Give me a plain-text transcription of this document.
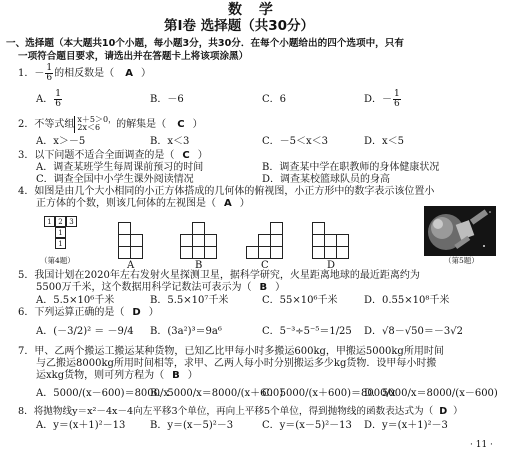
数 学
第Ⅰ卷 选择题（共30分）
一、选择题（本大题共10个小题，每小题3分，共30分．在每个小题给出的四个选项中，只有
一项符合题目要求，请选出并在答题卡上将该项涂黑）
1．－ $\frac{1}{6}$ 的相反数是（ A ）
A． $\frac{1}{6}$	B．－6	C．6	D．－ $\frac{1}{6}$
2．不等式组 x＋5＞0，
2x＜6	的解集是（ C ）
A．x＞－5	B．x＜3	C．－5＜x＜3	D．x＜5
3．以下问题不适合全面调查的是（ C ）
A．调查某班学生每周课前预习的时间	B．调查某中学在职教师的身体健康状况
C．调查全国中小学生课外阅读情况	D．调查某校篮球队员的身高
4．如图是由几个大小相同的小正方体搭成的几何体的俯视图，小正方形中的数字表示该位置小
正方体的个数，则该几何体的左视图是（ A ）
1 2 3
1
1
（第4题）	A	B	C	D	（第5题）
5．我国计划在2020年左右发射火星探测卫星，据科学研究，火星距离地球的最近距离约为
5500万千米，这个数据用科学记数法可表示为（ B ）
A．5.5×10⁶千米	B．5.5×10⁷千米	C．55×10⁶千米	D．0.55×10⁸千米
6．下列运算正确的是（ D ）
A．(－3/2)² ＝ －9/4 B．(3a²)³＝9a⁶	C．5⁻³÷5⁻⁵＝1/25 D．√8－√50＝－3√2
7．甲、乙两个搬运工搬运某种货物，已知乙比甲每小时多搬运600kg，甲搬运5000kg所用时间
与乙搬运8000kg所用时间相等，求甲、乙两人每小时分别搬运多少kg货物．设甲每小时搬
运xkg货物，则可列方程为（ B ）
A．5000/(x－600)＝8000/x
B．5000/x＝8000/(x＋600)
C．5000/(x＋600)＝8000/x
D．5000/x＝8000/(x－600)
8．将抛物线y＝x²－4x－4向左平移3个单位，再向上平移5个单位，得到抛物线的函数表达式为（ D ）
A．y＝(x＋1)²－13 B．y＝(x－5)²－3	C．y＝(x－5)²－13 D．y＝(x＋1)²－3
· 11 ·
